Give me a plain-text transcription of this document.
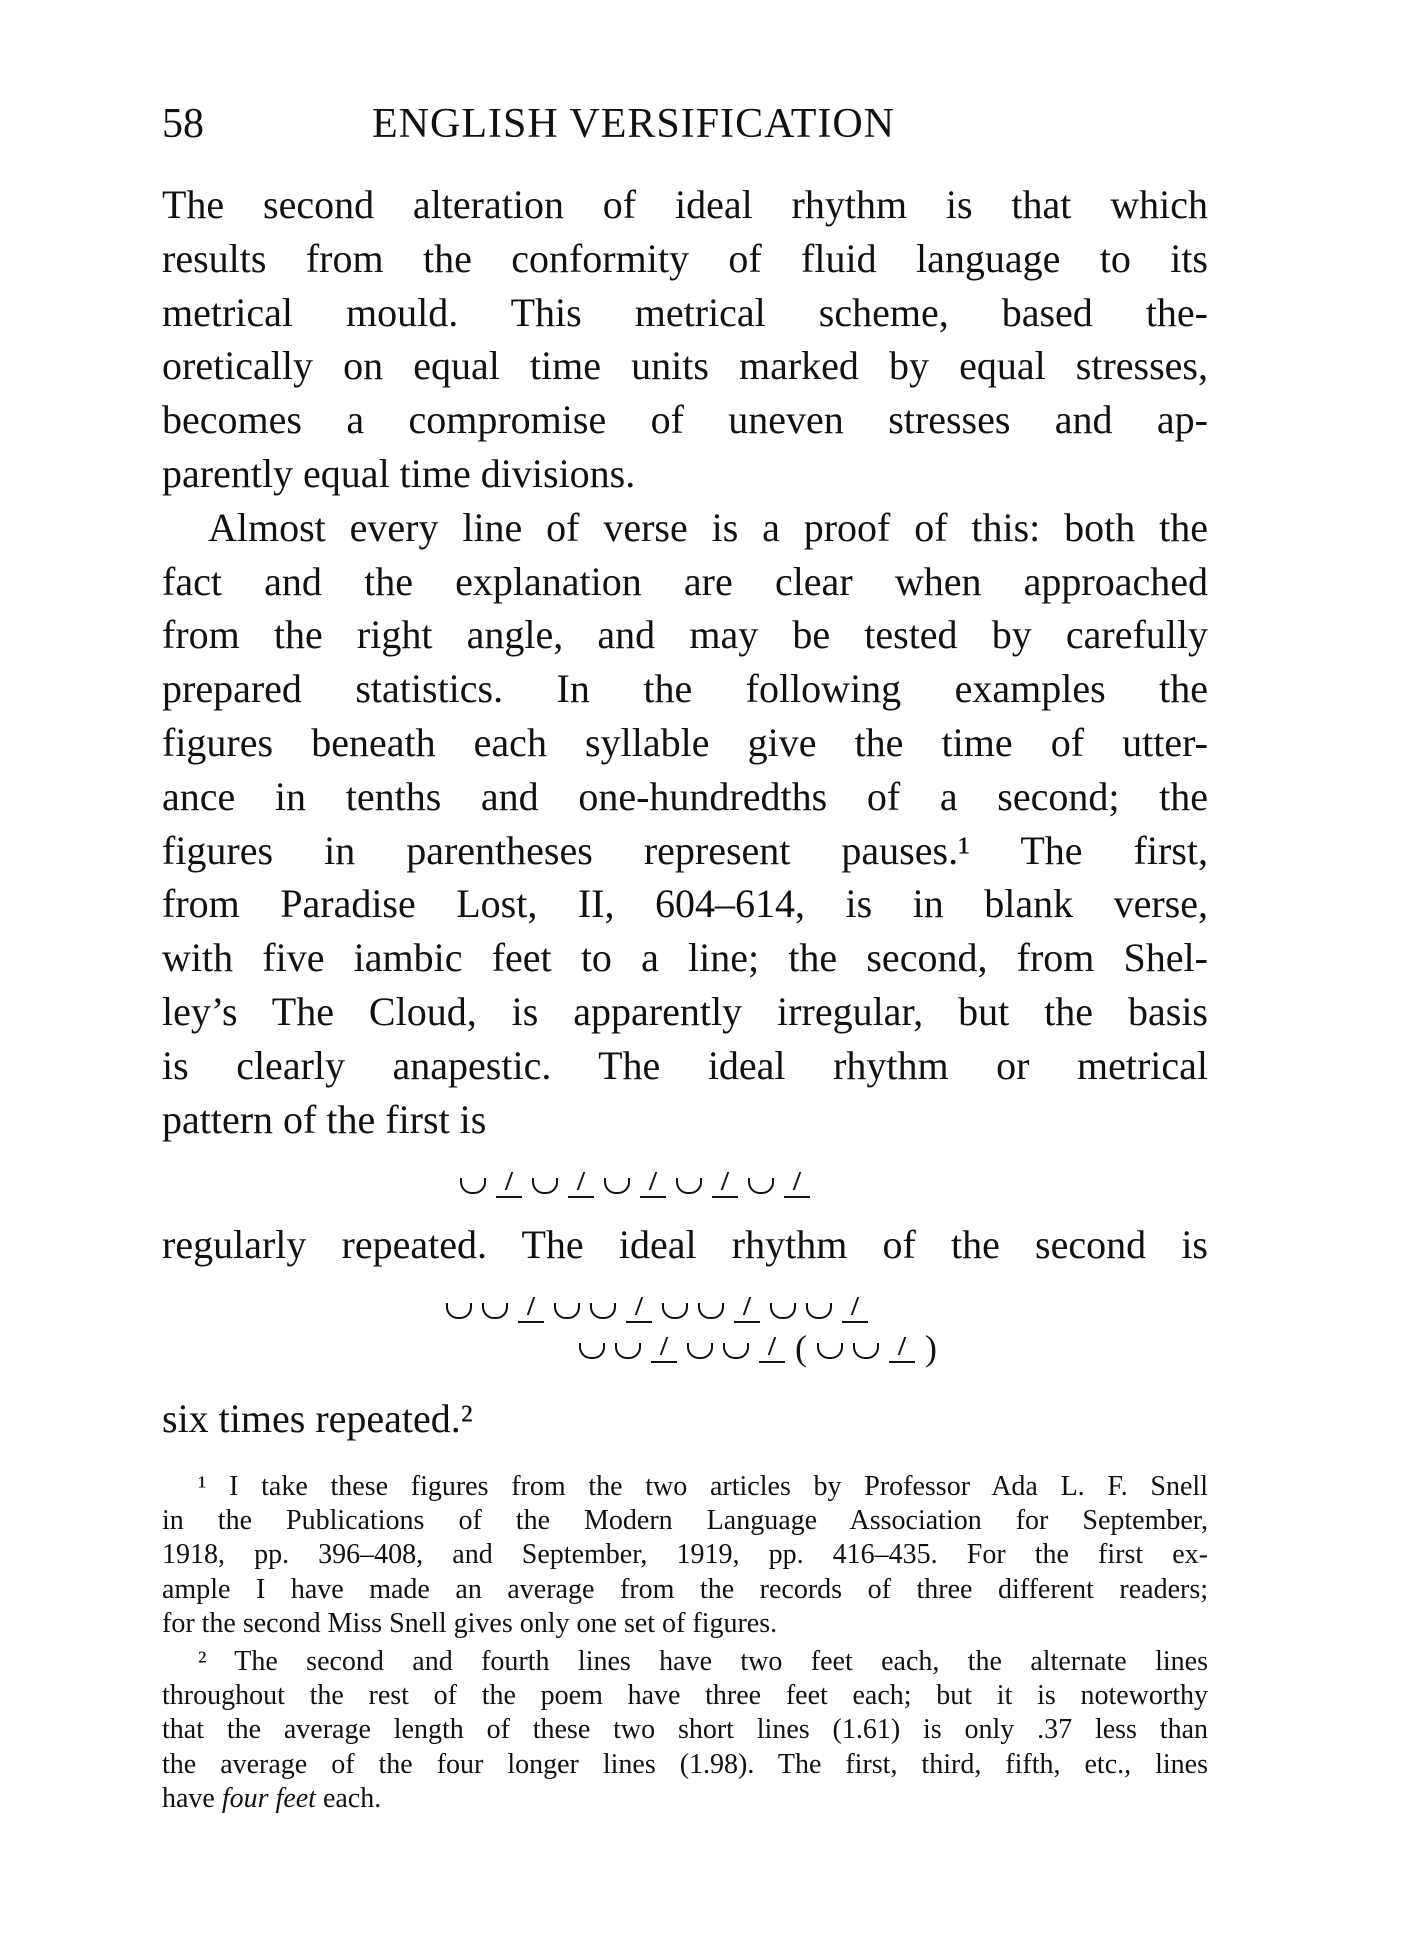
58	ENGLISH VERSIFICATION
The second alteration of ideal rhythm is that which
results from the conformity of fluid language to its
metrical mould. This metrical scheme, based the-
oretically on equal time units marked by equal stresses,
becomes a compromise of uneven stresses and ap-
parently equal time divisions.
Almost every line of verse is a proof of this: both the
fact and the explanation are clear when approached
from the right angle, and may be tested by carefully
prepared statistics. In the following examples the
figures beneath each syllable give the time of utter-
ance in tenths and one-hundredths of a second; the
figures in parentheses represent pauses.¹ The first,
from Paradise Lost, II, 604–614, is in blank verse,
with five iambic feet to a line; the second, from Shel-
ley’s The Cloud, is apparently irregular, but the basis
is clearly anapestic. The ideal rhythm or metrical
pattern of the first is
regularly repeated. The ideal rhythm of the second is
(	)
six times repeated.²
¹ I take these figures from the two articles by Professor Ada L. F. Snell
in the Publications of the Modern Language Association for September,
1918, pp. 396–408, and September, 1919, pp. 416–435. For the first ex-
ample I have made an average from the records of three different readers;
for the second Miss Snell gives only one set of figures.
² The second and fourth lines have two feet each, the alternate lines
throughout the rest of the poem have three feet each; but it is noteworthy
that the average length of these two short lines (1.61) is only .37 less than
the average of the four longer lines (1.98). The first, third, fifth, etc., lines
have four feet each.
